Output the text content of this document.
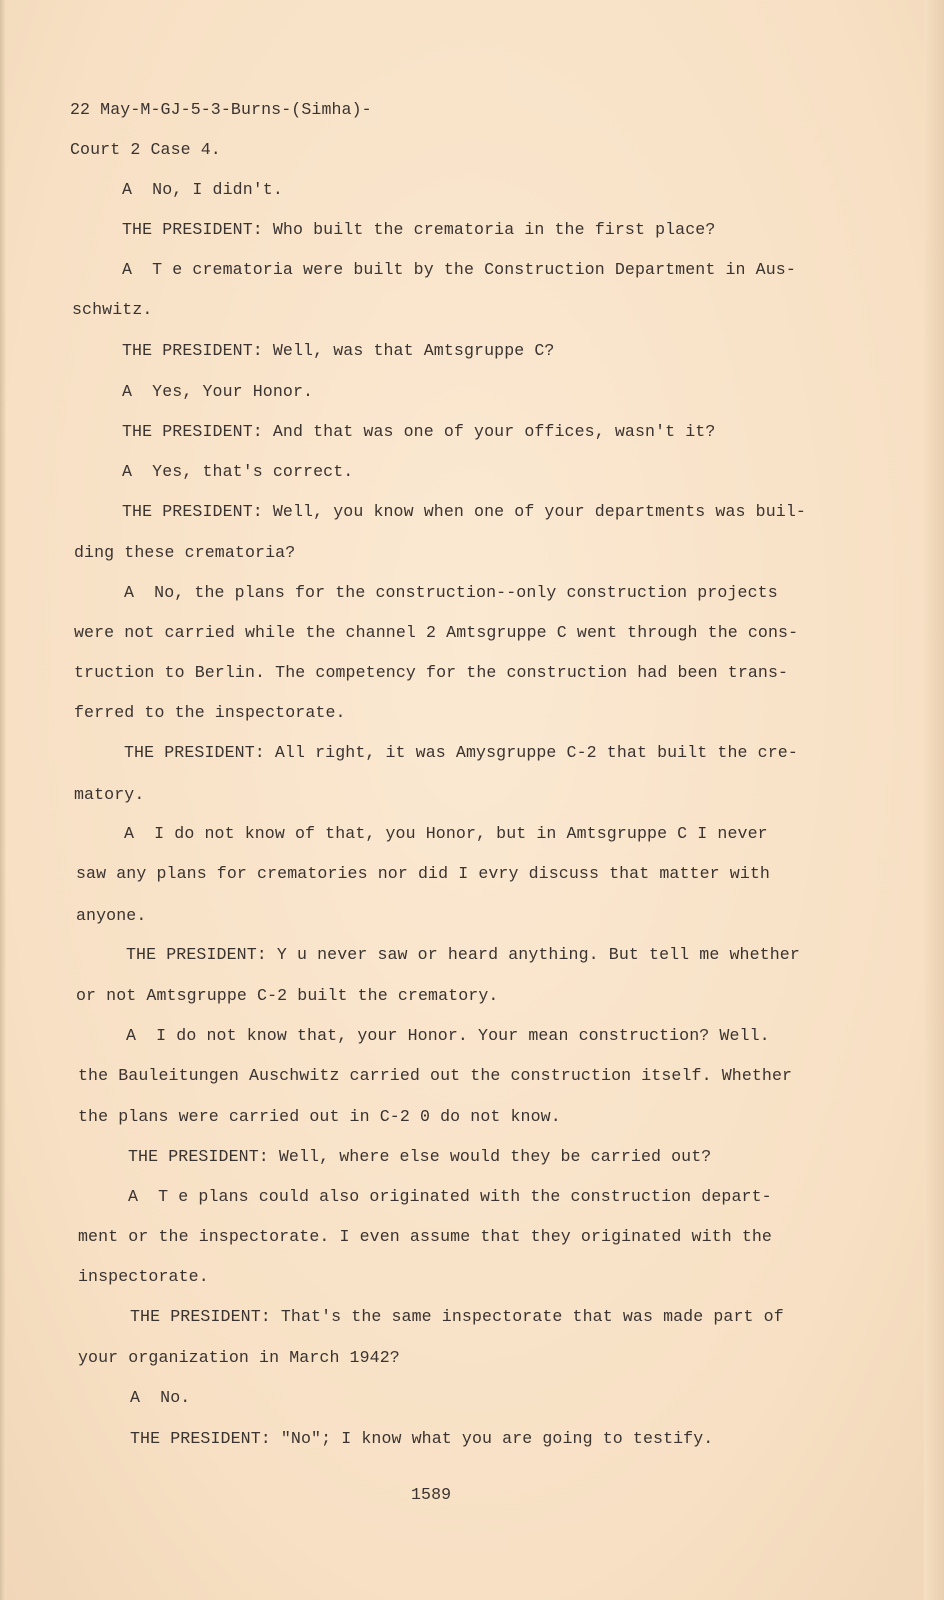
22 May-M-GJ-5-3-Burns-(Simha)-
Court 2 Case 4.
A  No, I didn't.
THE PRESIDENT: Who built the crematoria in the first place?
A  T e crematoria were built by the Construction Department in Aus-
schwitz.
THE PRESIDENT: Well, was that Amtsgruppe C?
A  Yes, Your Honor.
THE PRESIDENT: And that was one of your offices, wasn't it?
A  Yes, that's correct.
THE PRESIDENT: Well, you know when one of your departments was buil-
ding these crematoria?
A  No, the plans for the construction--only construction projects
were not carried while the channel 2 Amtsgruppe C went through the cons-
truction to Berlin. The competency for the construction had been trans-
ferred to the inspectorate.
THE PRESIDENT: All right, it was Amysgruppe C-2 that built the cre-
matory.
A  I do not know of that, you Honor, but in Amtsgruppe C I never
saw any plans for crematories nor did I evry discuss that matter with
anyone.
THE PRESIDENT: Y u never saw or heard anything. But tell me whether
or not Amtsgruppe C-2 built the crematory.
A  I do not know that, your Honor. Your mean construction? Well.
the Bauleitungen Auschwitz carried out the construction itself. Whether
the plans were carried out in C-2 0 do not know.
THE PRESIDENT: Well, where else would they be carried out?
A  T e plans could also originated with the construction depart-
ment or the inspectorate. I even assume that they originated with the
inspectorate.
THE PRESIDENT: That's the same inspectorate that was made part of
your organization in March 1942?
A  No.
THE PRESIDENT: "No"; I know what you are going to testify.
1589
